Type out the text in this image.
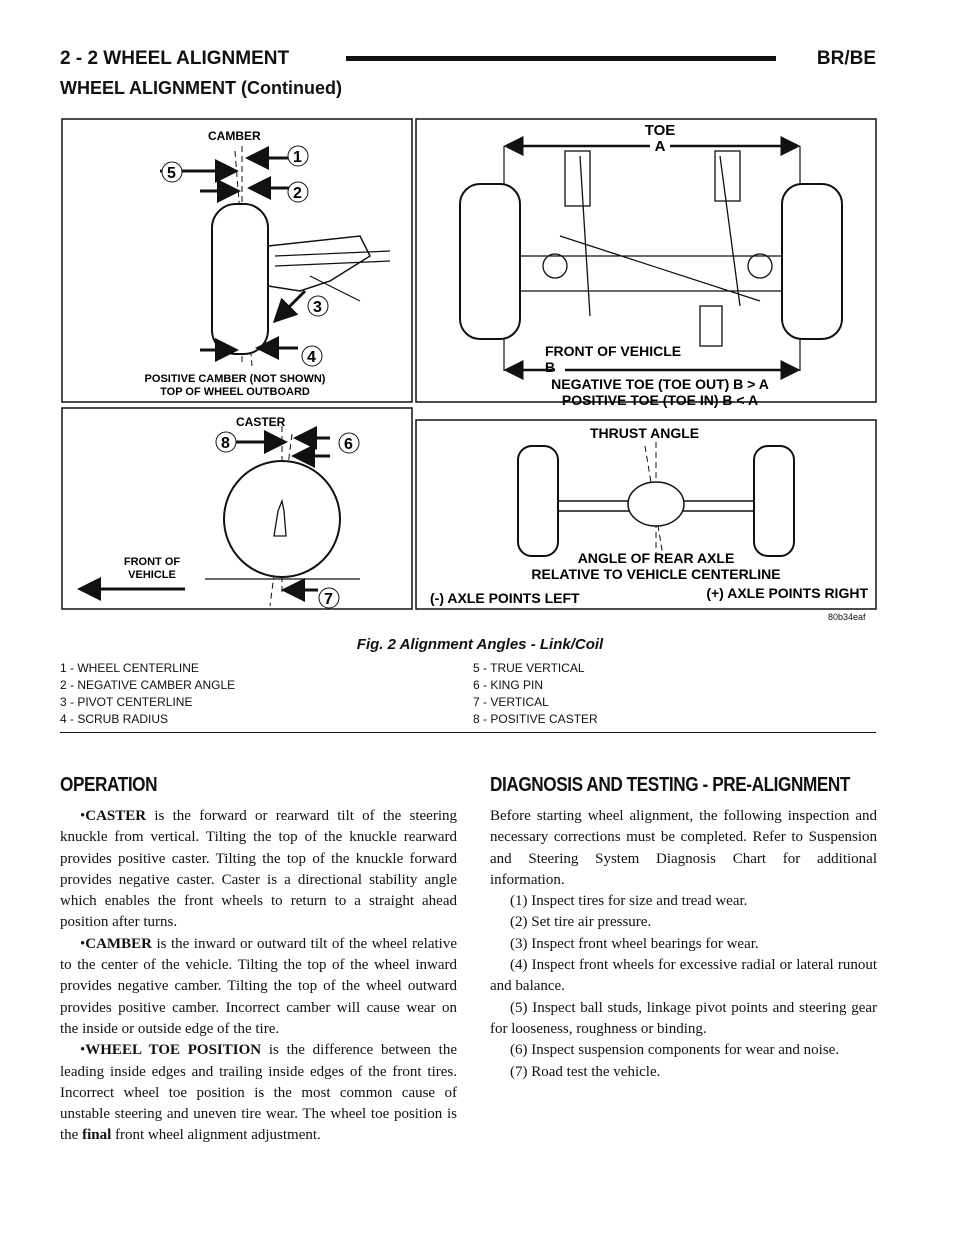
2 - 2 WHEEL ALIGNMENT	BR/BE
WHEEL ALIGNMENT (Continued)
CAMBER
5
1
2
3
4
POSITIVE CAMBER (NOT SHOWN)
TOP OF WHEEL OUTBOARD
TOE
A
FRONT OF VEHICLE
B
NEGATIVE TOE (TOE OUT) B > A
POSITIVE TOE (TOE IN) B < A
CASTER
8	6
7
FRONT OF
VEHICLE
THRUST ANGLE
ANGLE OF REAR AXLE
RELATIVE TO VEHICLE CENTERLINE
(-) AXLE POINTS LEFT	(+) AXLE POINTS RIGHT
80b34eaf
Fig. 2 Alignment Angles - Link/Coil
1 - WHEEL CENTERLINE
2 - NEGATIVE CAMBER ANGLE
3 - PIVOT CENTERLINE
4 - SCRUB RADIUS
5 - TRUE VERTICAL
6 - KING PIN
7 - VERTICAL
8 - POSITIVE CASTER
OPERATION

•CASTER is the forward or rearward tilt of the steering knuckle from vertical. Tilting the top of the knuckle rearward provides positive caster. Tilting the top of the knuckle forward provides negative caster. Caster is a directional stability angle which enables the front wheels to return to a straight ahead position after turns.

•CAMBER is the inward or outward tilt of the wheel relative to the center of the vehicle. Tilting the top of the wheel inward provides negative camber. Tilting the top of the wheel outward provides positive camber. Incorrect camber will cause wear on the inside or outside edge of the tire.

•WHEEL TOE POSITION is the difference between the leading inside edges and trailing inside edges of the front tires. Incorrect wheel toe position is the most common cause of unstable steering and uneven tire wear. The wheel toe position is the final front wheel alignment adjustment.

DIAGNOSIS AND TESTING - PRE-ALIGNMENT

Before starting wheel alignment, the following inspection and necessary corrections must be completed. Refer to Suspension and Steering System Diagnosis Chart for additional information.

(1) Inspect tires for size and tread wear.

(2) Set tire air pressure.

(3) Inspect front wheel bearings for wear.

(4) Inspect front wheels for excessive radial or lateral runout and balance.

(5) Inspect ball studs, linkage pivot points and steering gear for looseness, roughness or binding.

(6) Inspect suspension components for wear and noise.

(7) Road test the vehicle.
